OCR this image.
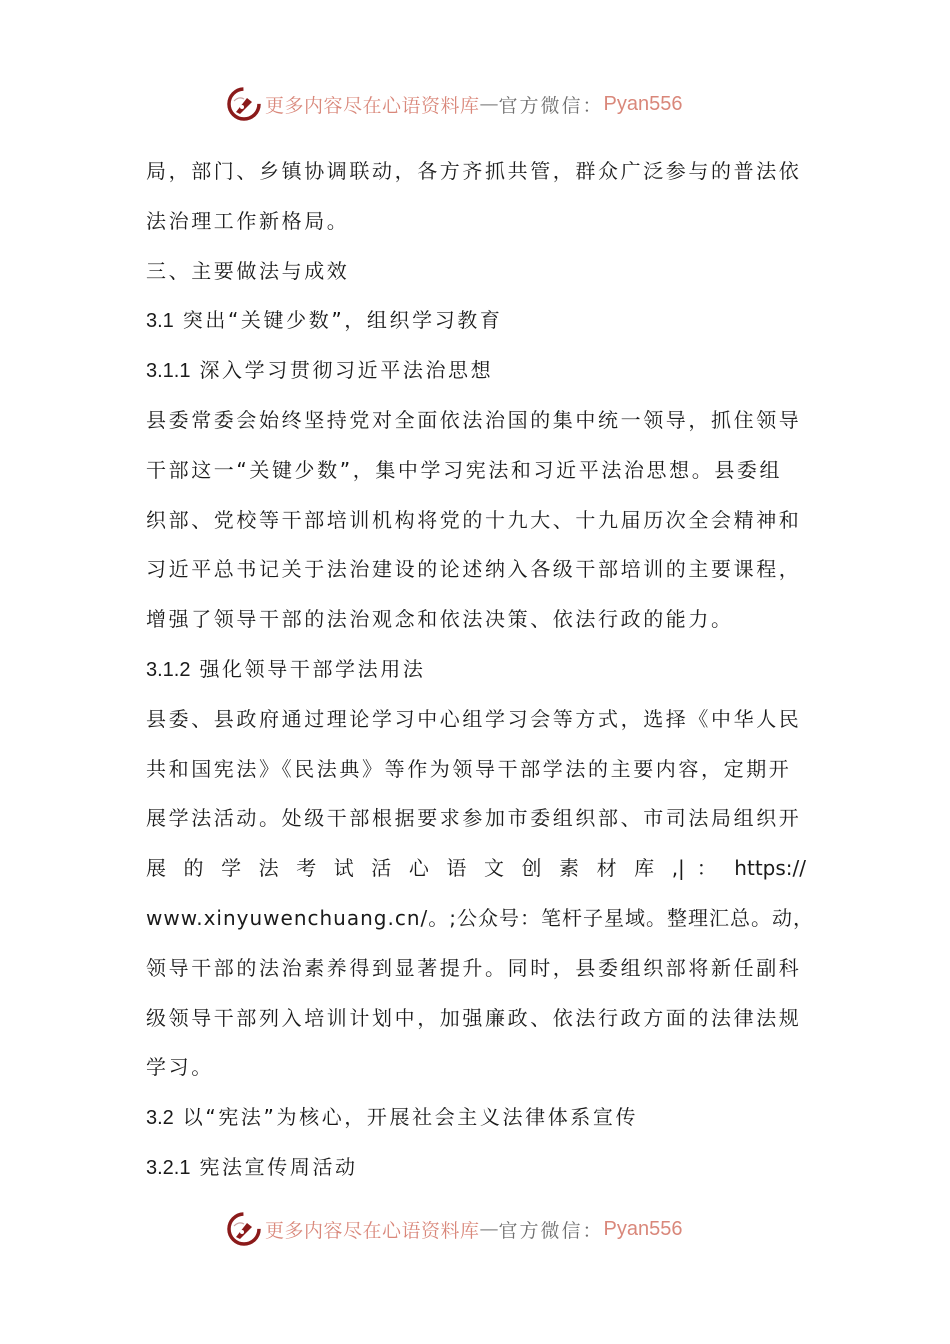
更多内容尽在心语资料库 — 官方微信： Pyan556
局，部门、乡镇协调联动，各方齐抓共管，群众广泛参与的普法依
法治理工作新格局。
三、主要做法与成效
3.1 突出“关键少数”，组织学习教育
3.1.1 深入学习贯彻习近平法治思想
县委常委会始终坚持党对全面依法治国的集中统一领导，抓住领导
干部这一“关键少数”，集中学习宪法和习近平法治思想。县委组
织部、党校等干部培训机构将党的十九大、十九届历次全会精神和
习近平总书记关于法治建设的论述纳入各级干部培训的主要课程，
增强了领导干部的法治观念和依法决策、依法行政的能力。
3.1.2 强化领导干部学法用法
县委、县政府通过理论学习中心组学习会等方式，选择《中华人民
共和国宪法》《民法典》等作为领导干部学法的主要内容，定期开
展学法活动。处级干部根据要求参加市委组织部、市司法局组织开
展 的 学 法 考 试 活 心 语 文 创 素 材 库 ,| ： https://
www.xinyuwenchuang.cn/。;公众号：笔杆子星域。整理汇总。动，
领导干部的法治素养得到显著提升。同时，县委组织部将新任副科
级领导干部列入培训计划中，加强廉政、依法行政方面的法律法规
学习。
3.2 以“宪法”为核心，开展社会主义法律体系宣传
3.2.1 宪法宣传周活动
更多内容尽在心语资料库 — 官方微信： Pyan556
